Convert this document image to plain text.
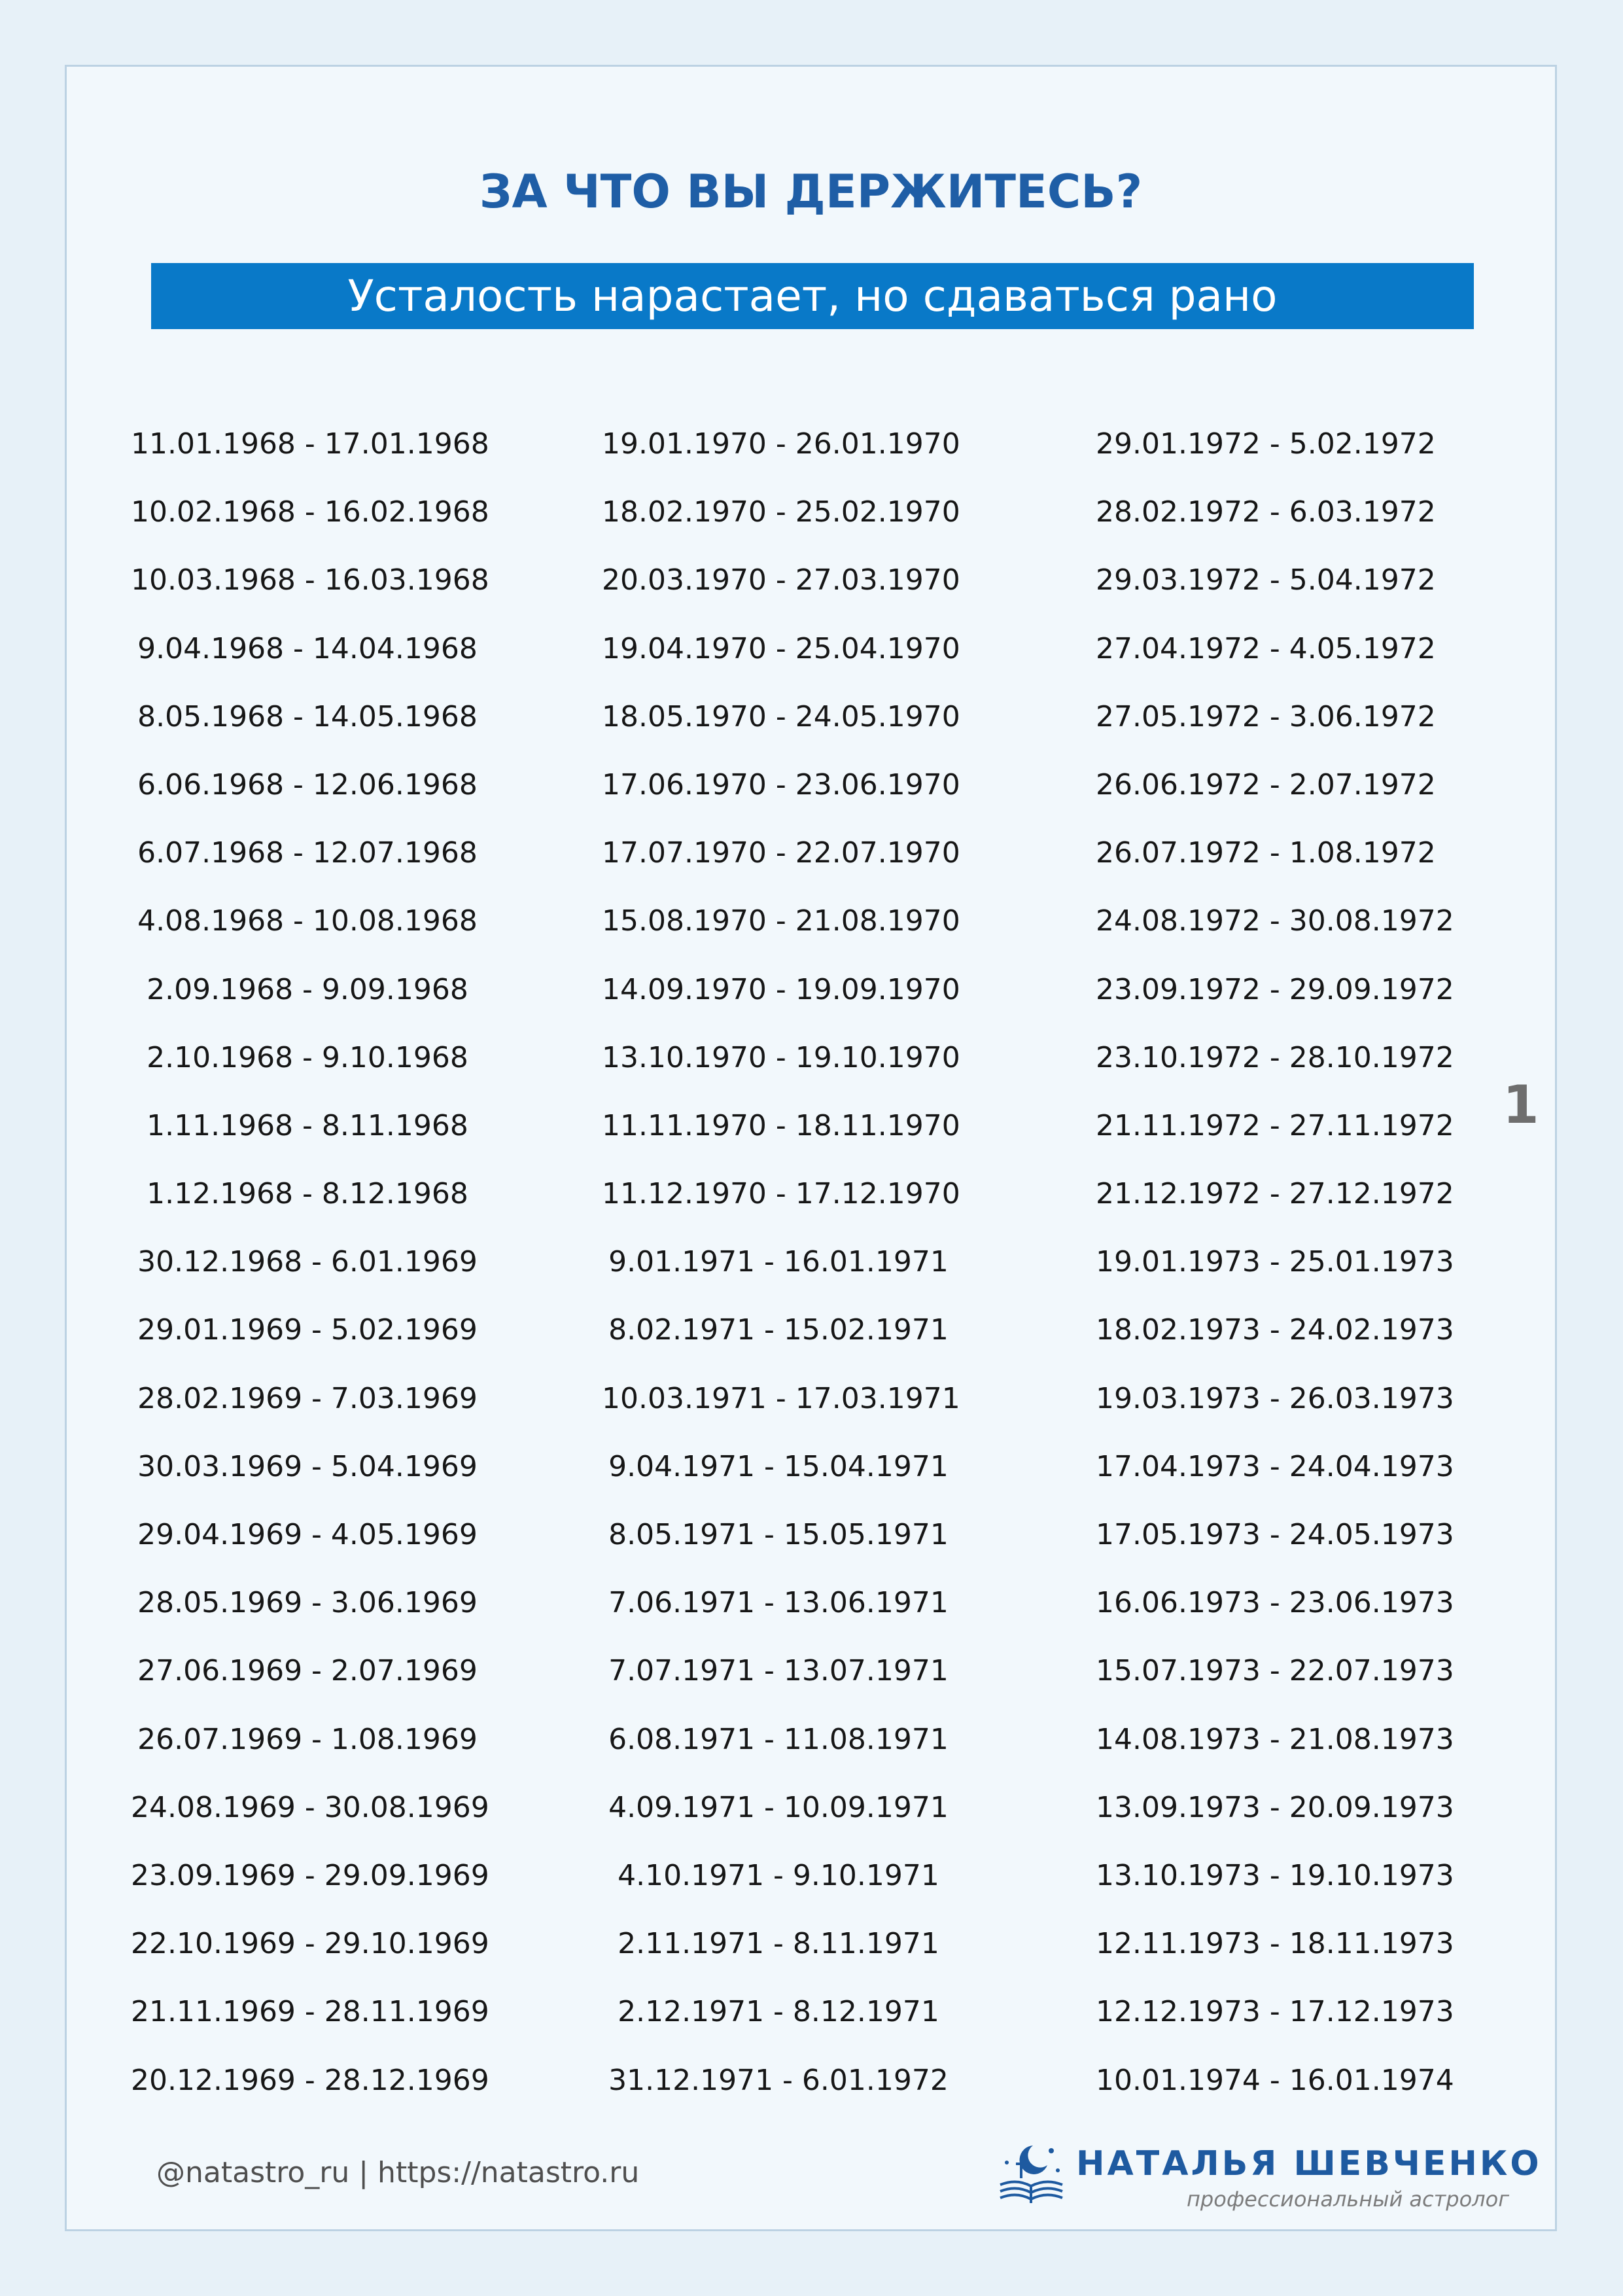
ЗА ЧТО ВЫ ДЕРЖИТЕСЬ?
Усталость нарастает, но сдаваться рано
11.01.1968 - 17.01.1968
10.02.1968 - 16.02.1968
10.03.1968 - 16.03.1968
9.04.1968 - 14.04.1968
8.05.1968 - 14.05.1968
6.06.1968 - 12.06.1968
6.07.1968 - 12.07.1968
4.08.1968 - 10.08.1968
2.09.1968 - 9.09.1968
2.10.1968 - 9.10.1968
1.11.1968 - 8.11.1968
1.12.1968 - 8.12.1968
30.12.1968 - 6.01.1969
29.01.1969 - 5.02.1969
28.02.1969 - 7.03.1969
30.03.1969 - 5.04.1969
29.04.1969 - 4.05.1969
28.05.1969 - 3.06.1969
27.06.1969 - 2.07.1969
26.07.1969 - 1.08.1969
24.08.1969 - 30.08.1969
23.09.1969 - 29.09.1969
22.10.1969 - 29.10.1969
21.11.1969 - 28.11.1969
20.12.1969 - 28.12.1969
19.01.1970 - 26.01.1970
18.02.1970 - 25.02.1970
20.03.1970 - 27.03.1970
19.04.1970 - 25.04.1970
18.05.1970 - 24.05.1970
17.06.1970 - 23.06.1970
17.07.1970 - 22.07.1970
15.08.1970 - 21.08.1970
14.09.1970 - 19.09.1970
13.10.1970 - 19.10.1970
11.11.1970 - 18.11.1970
11.12.1970 - 17.12.1970
9.01.1971 - 16.01.1971
8.02.1971 - 15.02.1971
10.03.1971 - 17.03.1971
9.04.1971 - 15.04.1971
8.05.1971 - 15.05.1971
7.06.1971 - 13.06.1971
7.07.1971 - 13.07.1971
6.08.1971 - 11.08.1971
4.09.1971 - 10.09.1971
4.10.1971 - 9.10.1971
2.11.1971 - 8.11.1971
2.12.1971 - 8.12.1971
31.12.1971 - 6.01.1972
29.01.1972 - 5.02.1972
28.02.1972 - 6.03.1972
29.03.1972 - 5.04.1972
27.04.1972 - 4.05.1972
27.05.1972 - 3.06.1972
26.06.1972 - 2.07.1972
26.07.1972 - 1.08.1972
24.08.1972 - 30.08.1972
23.09.1972 - 29.09.1972
23.10.1972 - 28.10.1972
21.11.1972 - 27.11.1972
21.12.1972 - 27.12.1972
19.01.1973 - 25.01.1973
18.02.1973 - 24.02.1973
19.03.1973 - 26.03.1973
17.04.1973 - 24.04.1973
17.05.1973 - 24.05.1973
16.06.1973 - 23.06.1973
15.07.1973 - 22.07.1973
14.08.1973 - 21.08.1973
13.09.1973 - 20.09.1973
13.10.1973 - 19.10.1973
12.11.1973 - 18.11.1973
12.12.1973 - 17.12.1973
10.01.1974 - 16.01.1974
1
@natastro_ru | https://natastro.ru	НАТАЛЬЯ ШЕВЧЕНКО
профессиональный астролог
